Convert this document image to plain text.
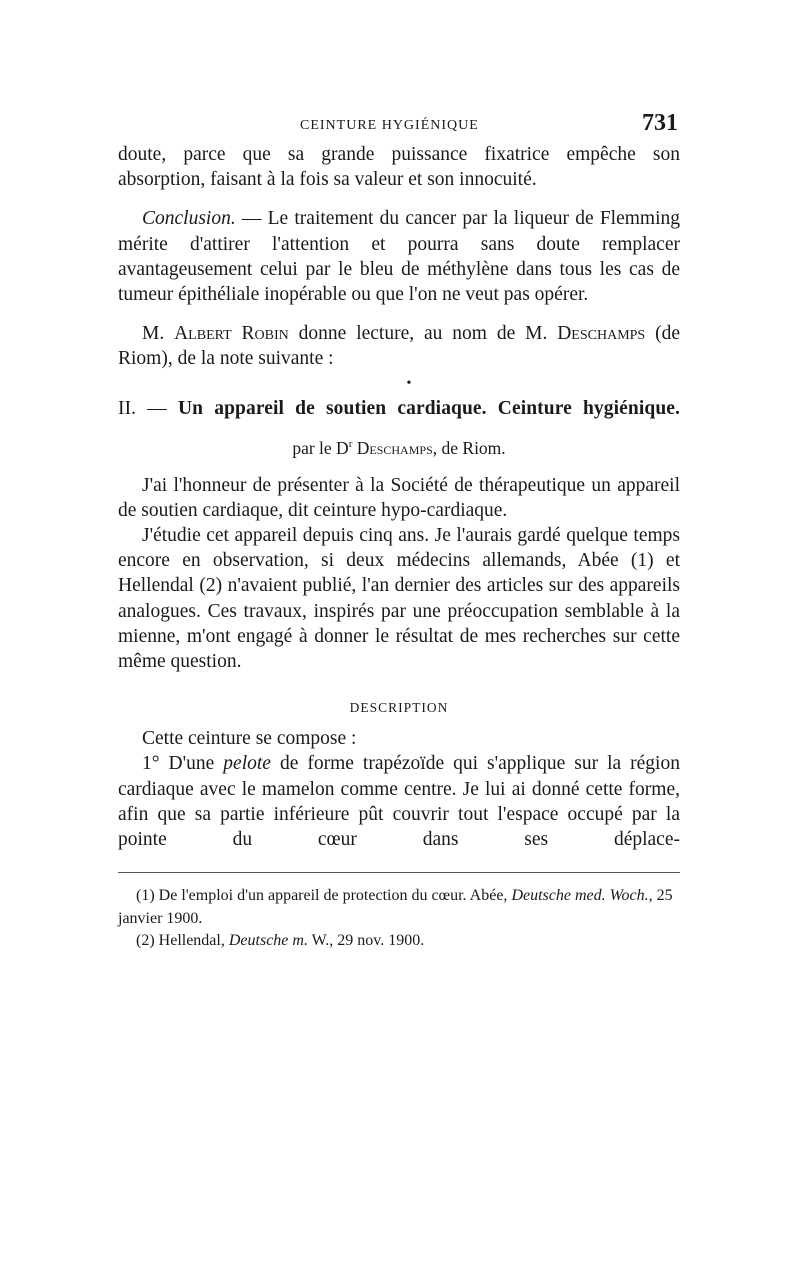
CEINTURE HYGIÉNIQUE	731

doute, parce que sa grande puissance fixatrice empêche son

absorption, faisant à la fois sa valeur et son innocuité.

Conclusion. — Le traitement du cancer par la liqueur de Flemming mérite d'attirer l'attention et pourra sans doute remplacer avantageusement celui par le bleu de méthylène dans tous les cas de tumeur épithéliale inopérable ou que l'on ne veut pas opérer.

M. Albert Robin donne lecture, au nom de M. Deschamps (de Riom), de la note suivante :

•

II. — Un appareil de soutien cardiaque. Ceinture hygiénique.

par le $D^r$ Deschamps, de Riom.

J'ai l'honneur de présenter à la Société de thérapeutique un appareil de soutien cardiaque, dit ceinture hypo-cardiaque.

J'étudie cet appareil depuis cinq ans. Je l'aurais gardé quelque temps encore en observation, si deux médecins allemands, Abée (1) et Hellendal (2) n'avaient publié, l'an dernier des articles sur des appareils analogues. Ces travaux, inspirés par une préoccupation semblable à la mienne, m'ont engagé à donner le résultat de mes recherches sur cette même question.

DESCRIPTION

Cette ceinture se compose :

1° D'une pelote de forme trapézoïde qui s'applique sur la région cardiaque avec le mamelon comme centre. Je lui ai donné cette forme, afin que sa partie inférieure pût couvrir tout l'espace occupé par la pointe du cœur dans ses déplace-

(1) De l'emploi d'un appareil de protection du cœur. Abée, Deutsche med. Woch., 25 janvier 1900.

(2) Hellendal, Deutsche m. W., 29 nov. 1900.
